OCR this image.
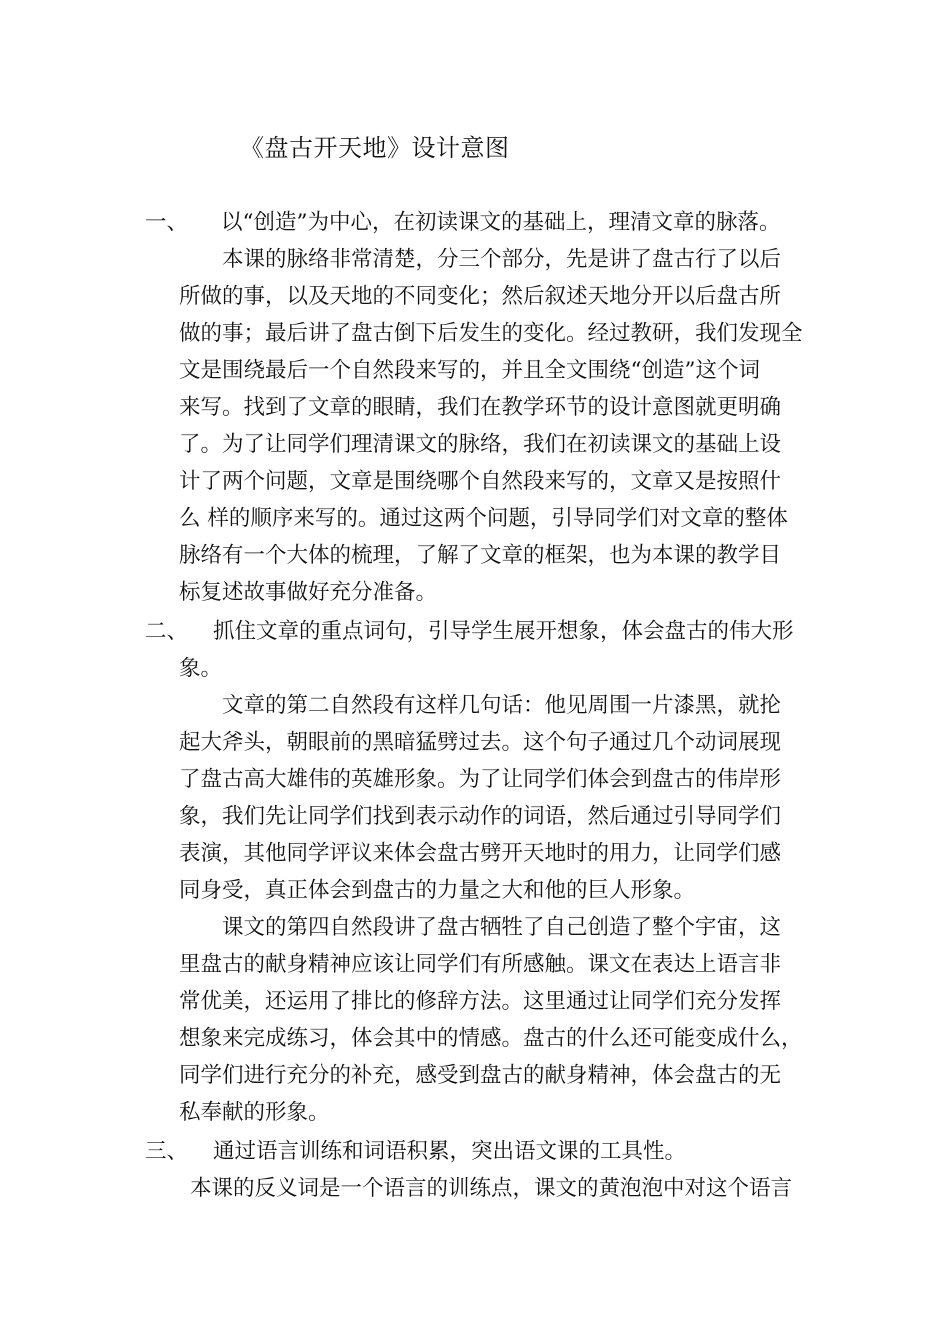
《盘古开天地》设计意图
一、 以“创造”为中心，在初读课文的基础上，理清文章的脉落。
本课的脉络非常清楚，分三个部分，先是讲了盘古行了以后
所做的事，以及天地的不同变化；然后叙述天地分开以后盘古所
做的事；最后讲了盘古倒下后发生的变化。经过教研，我们发现全
文是围绕最后一个自然段来写的，并且全文围绕“创造”这个词
来写。找到了文章的眼睛，我们在教学环节的设计意图就更明确
了。为了让同学们理清课文的脉络，我们在初读课文的基础上设
计了两个问题，文章是围绕哪个自然段来写的，文章又是按照什
么 样的顺序来写的。通过这两个问题，引导同学们对文章的整体
脉络有一个大体的梳理，了解了文章的框架，也为本课的教学目
标复述故事做好充分准备。
二、 抓住文章的重点词句，引导学生展开想象，体会盘古的伟大形
象。
文章的第二自然段有这样几句话：他见周围一片漆黑，就抡
起大斧头，朝眼前的黑暗猛劈过去。这个句子通过几个动词展现
了盘古高大雄伟的英雄形象。为了让同学们体会到盘古的伟岸形
象，我们先让同学们找到表示动作的词语，然后通过引导同学们
表演，其他同学评议来体会盘古劈开天地时的用力，让同学们感
同身受，真正体会到盘古的力量之大和他的巨人形象。
课文的第四自然段讲了盘古牺牲了自己创造了整个宇宙，这
里盘古的献身精神应该让同学们有所感触。课文在表达上语言非
常优美，还运用了排比的修辞方法。这里通过让同学们充分发挥
想象来完成练习，体会其中的情感。盘古的什么还可能变成什么，
同学们进行充分的补充，感受到盘古的献身精神，体会盘古的无
私奉献的形象。
三、 通过语言训练和词语积累，突出语文课的工具性。
本课的反义词是一个语言的训练点，课文的黄泡泡中对这个语言
